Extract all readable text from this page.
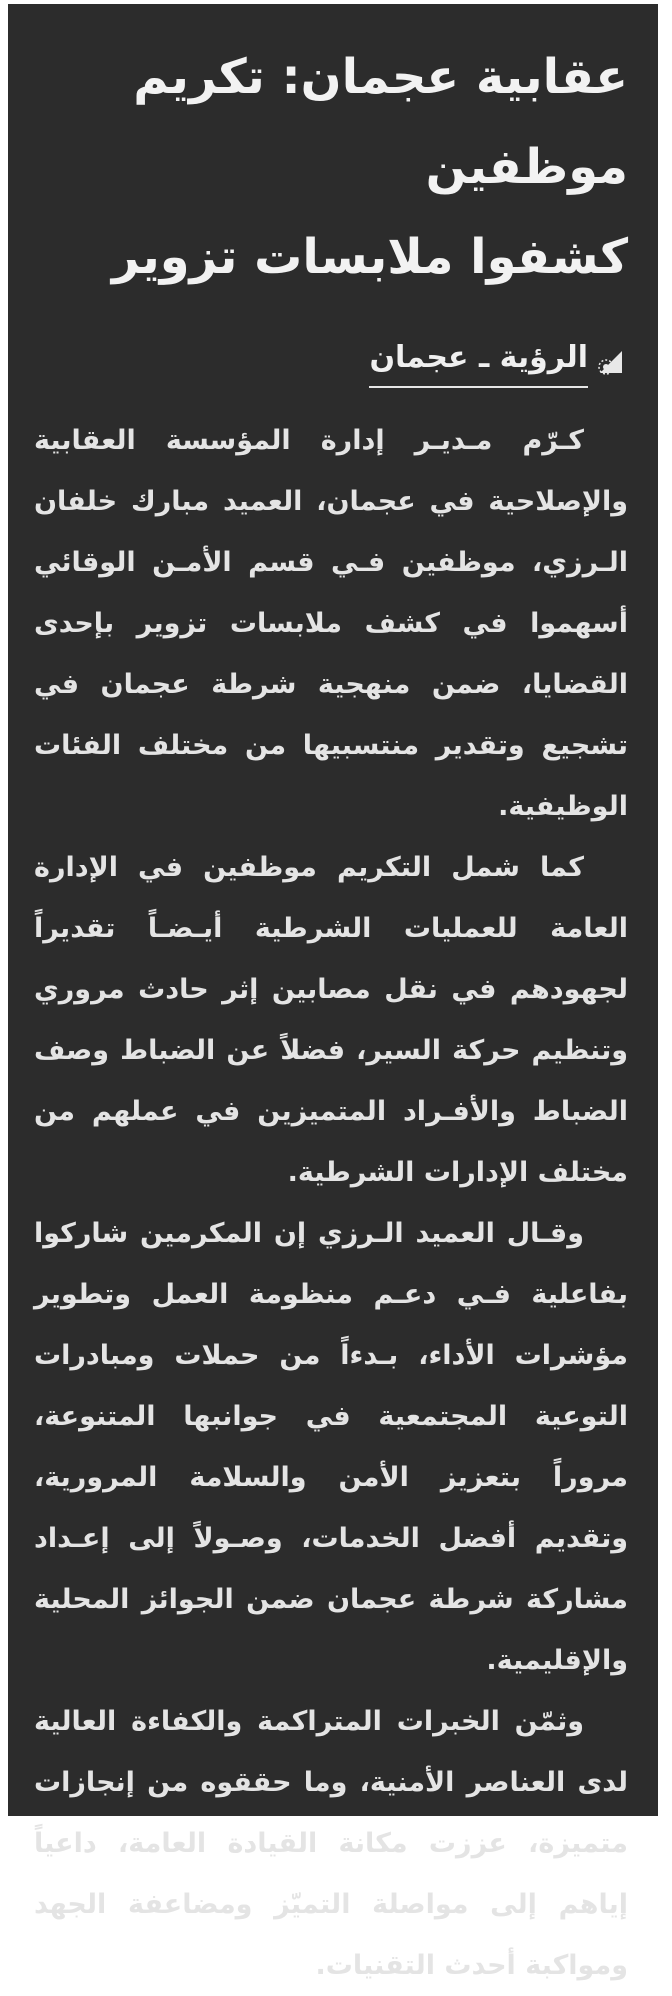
عقابية عجمان: تكريم موظفين
كشفوا ملابسات تزوير
الرؤية ـ عجمان

كـرّم مـديـر إدارة المؤسسة العقابية والإصلاحية في عجمان، العميد مبارك خلفان الـرزي، موظفين فـي قسم الأمـن الوقائي أسهموا في كشف ملابسات تزوير بإحدى القضايا، ضمن منهجية شرطة عجمان في تشجيع وتقدير منتسبيها من مختلف الفئات الوظيفية.

كما شمل التكريم موظفين في الإدارة العامة للعمليات الشرطية أيـضـاً تقديراً لجهودهم في نقل مصابين إثر حادث مروري وتنظيم حركة السير، فضلاً عن الضباط وصف الضباط والأفـراد المتميزين في عملهم من مختلف الإدارات الشرطية.

وقـال العميد الـرزي إن المكرمين شاركوا بفاعلية فـي دعـم منظومة العمل وتطوير مؤشرات الأداء، بـدءاً من حملات ومبادرات التوعية المجتمعية في جوانبها المتنوعة، مروراً بتعزيز الأمن والسلامة المرورية، وتقديم أفضل الخدمات، وصـولاً إلى إعـداد مشاركة شرطة عجمان ضمن الجوائز المحلية والإقليمية.

وثمّن الخبرات المتراكمة والكفاءة العالية لدى العناصر الأمنية، وما حققوه من إنجازات متميزة، عززت مكانة القيادة العامة، داعياً إياهم إلى مواصلة التميّز ومضاعفة الجهد ومواكبة أحدث التقنيات.
